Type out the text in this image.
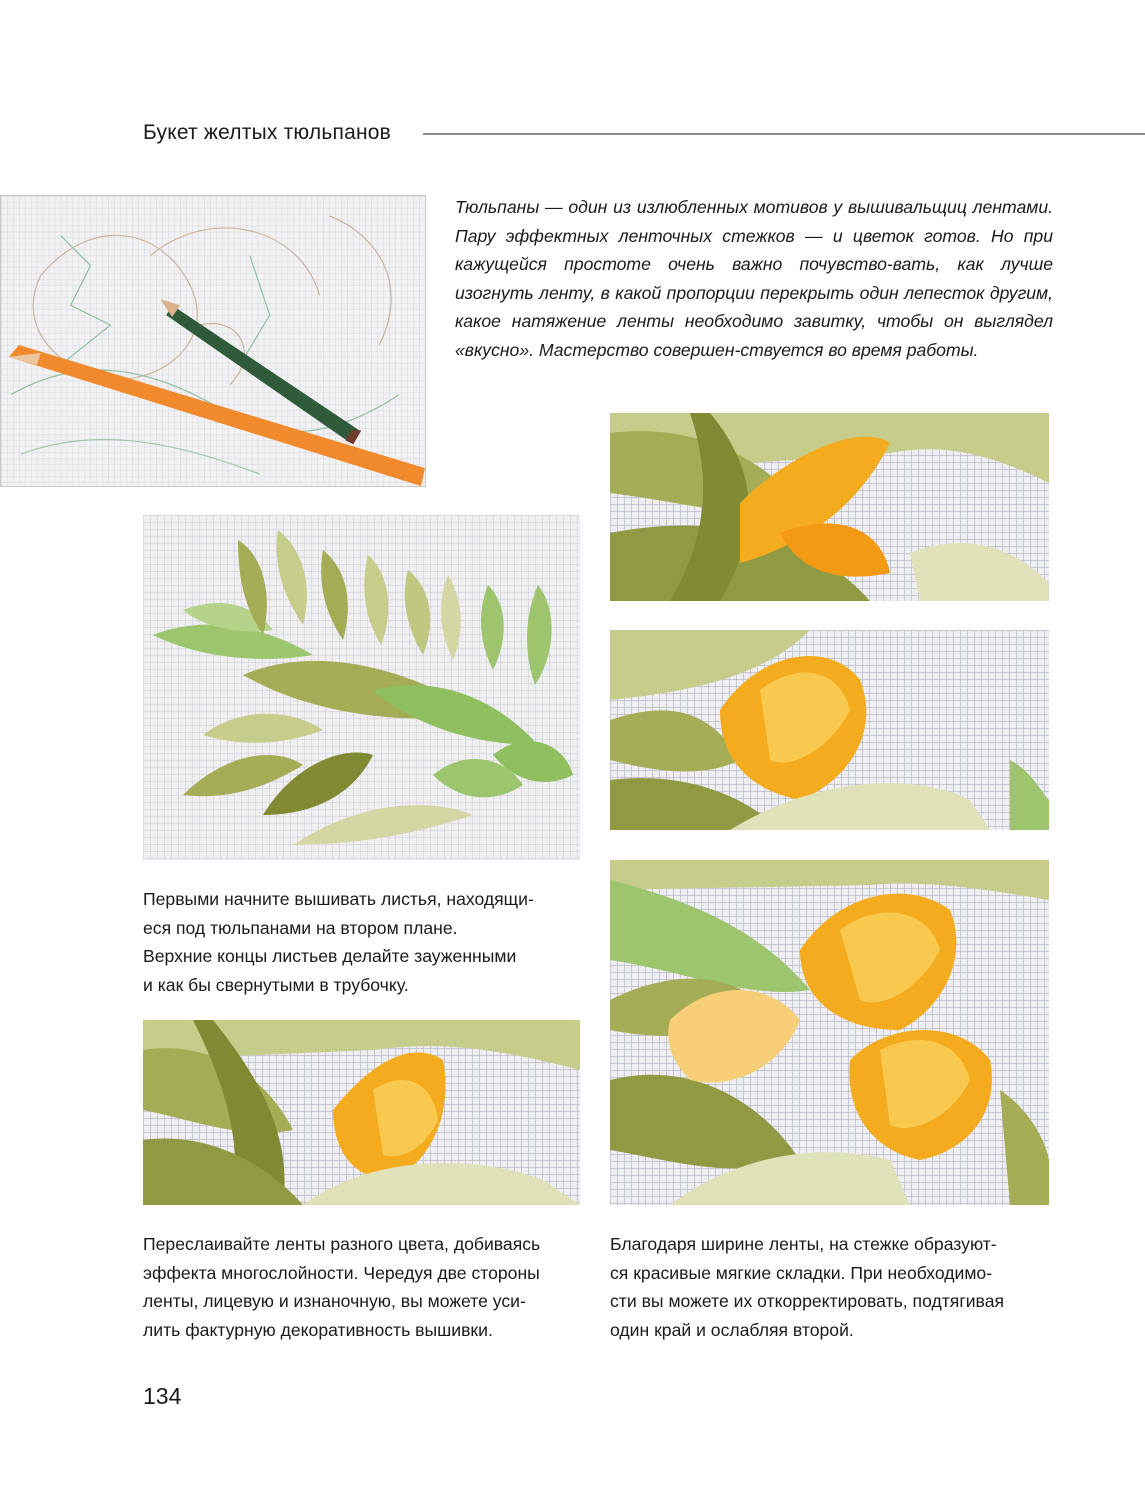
Букет желтых тюльпанов
Тюльпаны — один из излюбленных мотивов у вышивальщиц лентами. Пару эффектных ленточных стежков — и цветок готов. Но при кажущейся простоте очень важно почувство-вать, как лучше изогнуть ленту, в какой пропорции перекрыть один лепесток другим, какое натяжение ленты необходимо завитку, чтобы он выглядел «вкусно». Мастерство совершен-ствуется во время работы.

Первыми начните вышивать листья, находящи-

еся под тюльпанами на втором плане.

Верхние концы листьев делайте зауженными

и как бы свернутыми в трубочку.

Переслаивайте ленты разного цвета, добиваясь

эффекта многослойности. Чередуя две стороны

ленты, лицевую и изнаночную, вы можете уси-

лить фактурную декоративность вышивки.

Благодаря ширине ленты, на стежке образуют-

ся красивые мягкие складки. При необходимо-

сти вы можете их откорректировать, подтягивая

один край и ослабляя второй.

134
